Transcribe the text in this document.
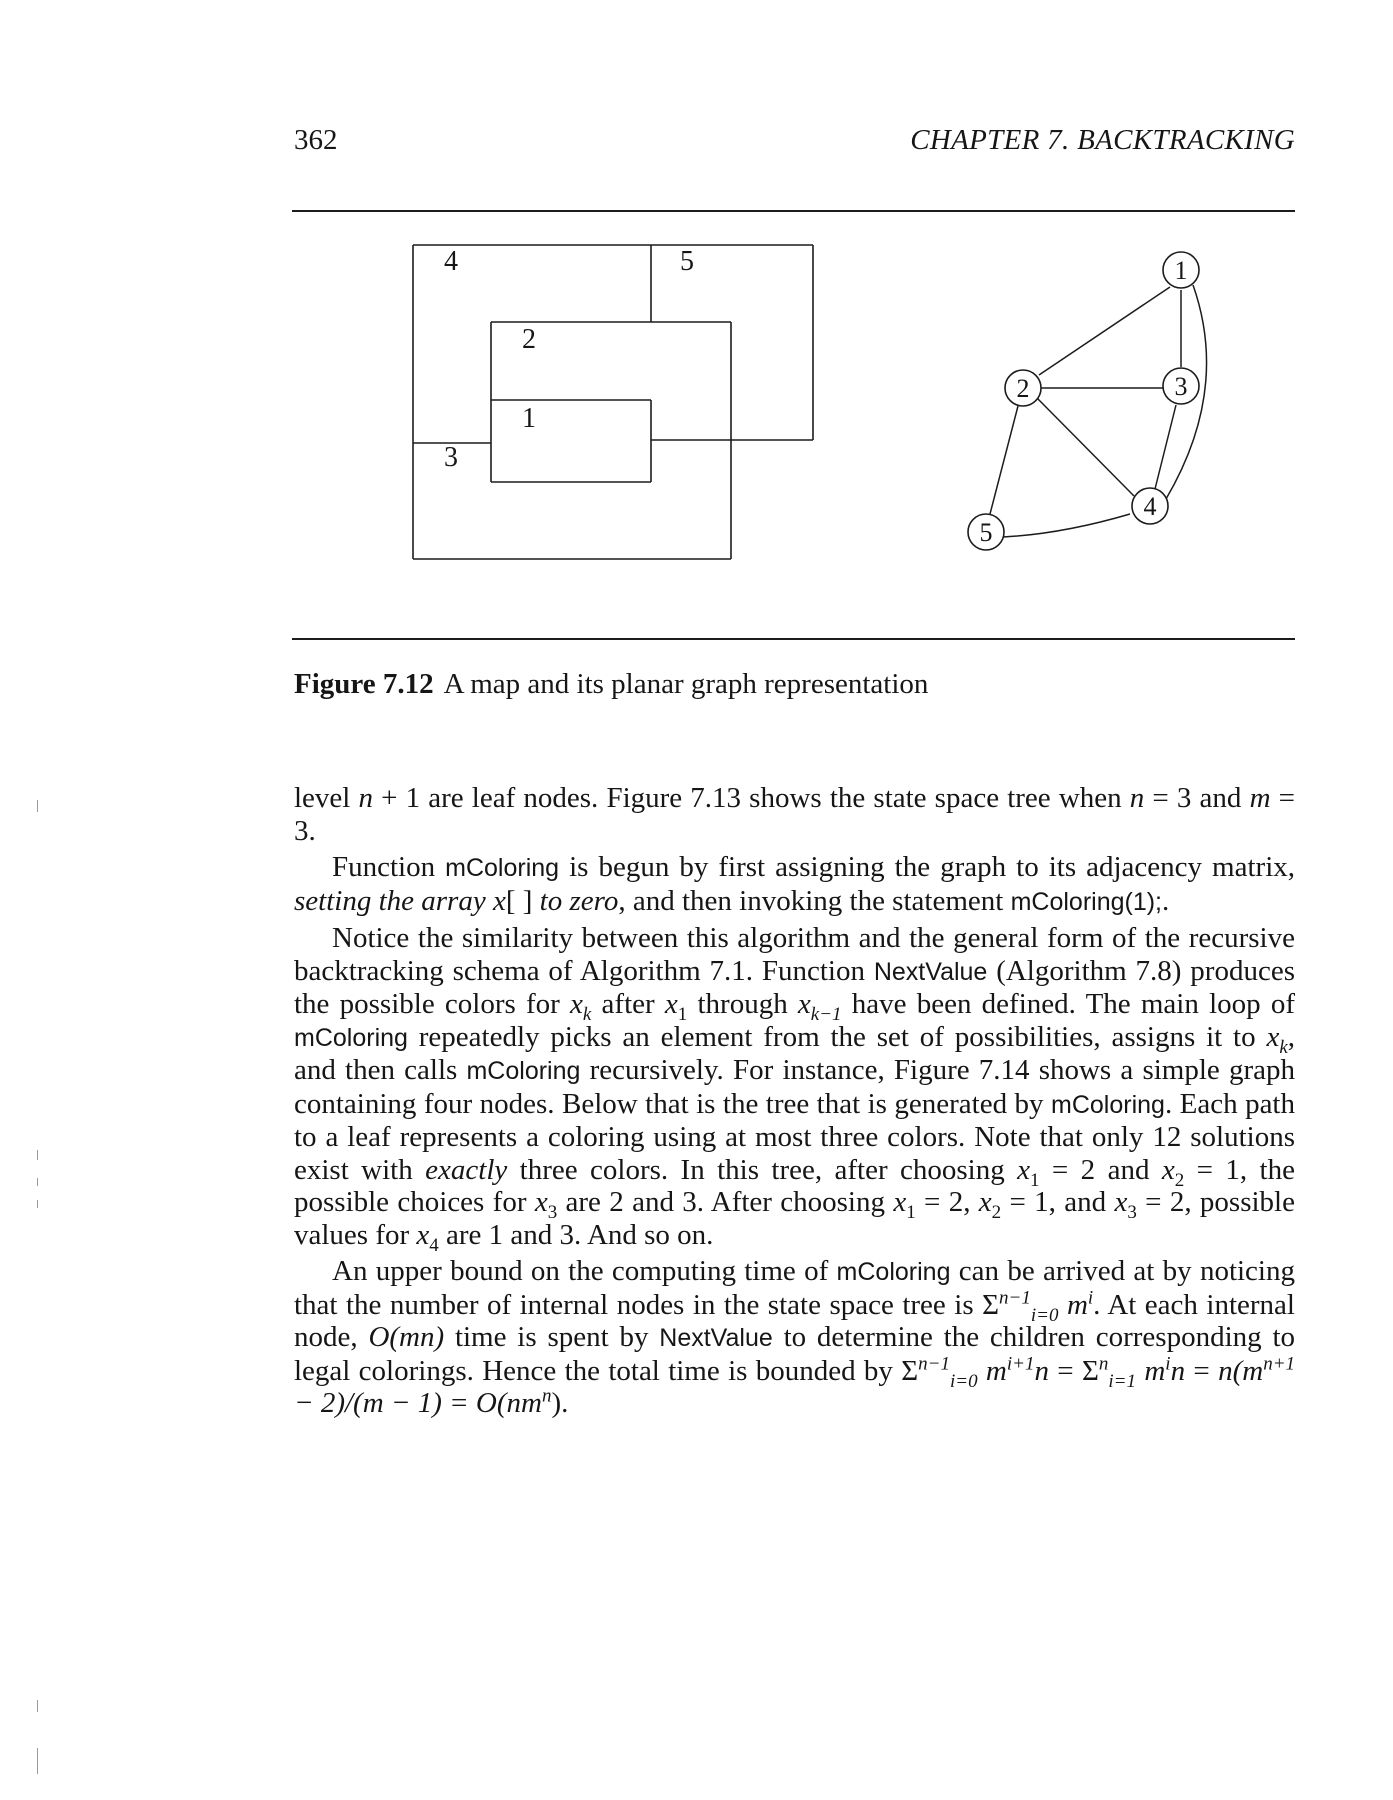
362	CHAPTER 7. BACKTRACKING
4	5
2
1
3
1
2	3
4
5
Figure 7.12 A map and its planar graph representation

level n + 1 are leaf nodes. Figure 7.13 shows the state space tree when n = 3 and m = 3.

Function mColoring is begun by first assigning the graph to its adjacency matrix, setting the array x[ ] to zero, and then invoking the statement mColoring(1);.

Notice the similarity between this algorithm and the general form of the recursive backtracking schema of Algorithm 7.1. Function NextValue (Algorithm 7.8) produces the possible colors for $x_k$ after $x_1$ through $x_{k-1}$ have been defined. The main loop of mColoring repeatedly picks an element from the set of possibilities, assigns it to $x_k$, and then calls mColoring recursively. For instance, Figure 7.14 shows a simple graph containing four nodes. Below that is the tree that is generated by mColoring. Each path to a leaf represents a coloring using at most three colors. Note that only 12 solutions exist with exactly three colors. In this tree, after choosing $x_1 = 2$ and $x_2 = 1$, the possible choices for $x_3$ are 2 and 3. After choosing $x_1 = 2$, $x_2 = 1$, and $x_3 = 2$, possible values for $x_4$ are 1 and 3. And so on.

An upper bound on the computing time of mColoring can be arrived at by noticing that the number of internal nodes in the state space tree is $\Sigma^{n-1}_{i=0}$ $m^i$. At each internal node, O(mn) time is spent by NextValue to determine the children corresponding to legal colorings. Hence the total time is bounded by $\Sigma^{n-1}_{i=0}$ $m^{i+1}n = \Sigma^n_{i=1}$ $m^in = n(m^{n+1} - 2)/(m - 1) = O(nm^n)$.
